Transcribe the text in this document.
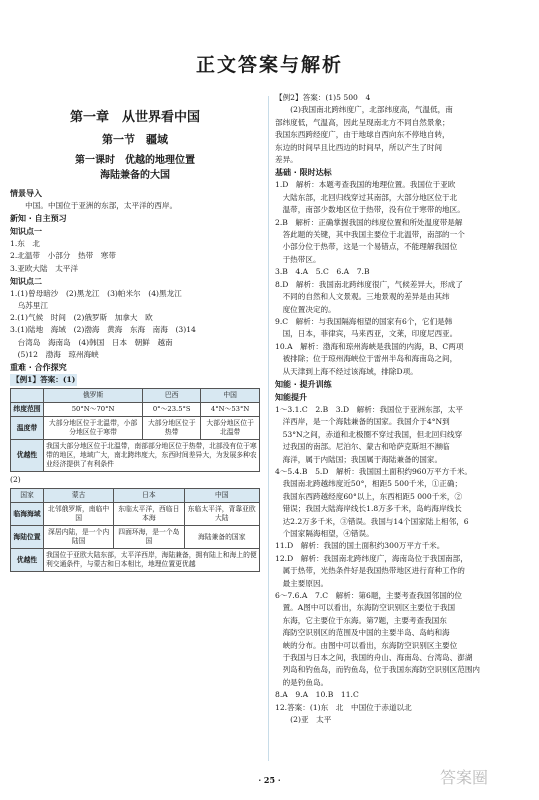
正文答案与解析
第一章　从世界看中国
第一节　疆域
第一课时　优越的地理位置
海陆兼备的大国
情景导入
　　中国。中国位于亚洲的东部，太平洋的西岸。
新知 · 自主预习
知识点一
1.东　北
2.北温带　小部分　热带　寒带
3.亚欧大陆　太平洋
知识点二
1.(1)曾母暗沙　(2)黑龙江　(3)帕米尔　(4)黑龙江
　乌苏里江
2.(1)气候　时间　(2)俄罗斯　加拿大　欧
3.(1)陆地　海域　(2)渤海　黄海　东海　南海　(3)14
　台湾岛　海南岛　(4)韩国　日本　朝鲜　越南
　(5)12　渤海　琼州海峡
重难 · 合作探究
【例1】答案：(1)
	俄罗斯	巴西	中国
纬度范围	50°N～70°N	0°～23.5°S	4°N～53°N
温度带	大部分地区位于北温带，小部分地区位于寒带	大部分地区位于热带	大部分地区位于北温带
优越性	我国大部分地区位于北温带，南部部分地区位于热带，北部没有位于寒带的地区，地域广大，南北跨纬度大，东西时间差异大，为发展多种农业经济提供了有利条件		
(2)
国家	蒙古	日本	中国
临海海域	北邻俄罗斯，南临中国	东临太平洋，西临日本海	东临太平洋，背靠亚欧大陆
海陆位置	深居内陆，是一个内陆国	四面环海，是一个岛国	海陆兼备的国家
优越性	我国位于亚欧大陆东部，太平洋西岸，海陆兼备，拥有陆上和海上的便利交通条件，与蒙古和日本相比，地理位置更优越		
【例2】答案：(1)5 500　4
　　(2)我国南北跨纬度广，北部纬度高，气温低，南
部纬度低，气温高，因此呈现南北方不同自然景象；
我国东西跨经度广，由于地球自西向东不停地自转，
东边的时间早且比西边的时间早，所以产生了时间
差异。
基础 · 限时达标
1.D　解析：本题考查我国的地理位置。我国位于亚欧
　大陆东部，北回归线穿过其南部，大部分地区位于北
　温带，南部少数地区位于热带，没有位于寒带的地区。
2.B　解析：正确掌握我国的纬度位置和所处温度带是解
　答此题的关键，其中我国主要位于北温带，南部的一个
　小部分位于热带，这是一个易错点，不能理解我国位
　于热带区。
3.B　4.A　5.C　6.A　7.B
8.D　解析：我国南北跨纬度很广，气候差异大，形成了
　不同的自然和人文景观。三地景观的差异是由其纬
　度位置决定的。
9.C　解析：与我国隔海相望的国家有6个，它们是韩
　国，日本，菲律宾，马来西亚，文莱，印度尼西亚。
10.A　解析：渤海和琼州海峡是我国的内海，B、C两项
　被排除；位于琼州海峡位于雷州半岛和海南岛之间，
　从天津到上海不经过该海域，排除D项。
知能 · 提升训练
知能提升
1～3.1.C　2.B　3.D　解析：我国位于亚洲东部，太平
　洋西岸，是一个海陆兼备的国家。我国介于4°N到
　53°N之间，赤道和北极圈不穿过我国，但北回归线穿
　过我国的南部。尼泊尔、蒙古和哈萨克斯坦不濒临
　海洋，属于内陆国；我国属于海陆兼备的国家。
4～5.4.B　5.D　解析：我国国土面积约960万平方千米。
　我国南北跨越纬度近50°，相距5 500千米，①正确；
　我国东西跨越经度60°以上，东西相距5 000千米，②
　错误；我国大陆海岸线长1.8万多千米，岛屿海岸线长
　达2.2万多千米，③错误。我国与14个国家陆上相邻，6
　个国家隔海相望，④错误。
11.D　解析：我国的国土面积约300万平方千米。
12.D　解析：我国南北跨纬度广，海南岛位于我国南部，
　属于热带，光热条件好是我国热带地区进行育种工作的
　最主要原因。
6～7.6.A　7.C　解析：第6题，主要考查我国邻国的位
　置。A图中可以看出，东海防空识别区主要位于我国
　东海，它主要位于东海。第7题，主要考查我国东
　海防空识别区的范围及中国的主要半岛、岛屿和海
　峡的分布。由图中可以看出，东海防空识别区主要位
　于我国与日本之间，我国的舟山、海南岛、台湾岛、澎湖
　列岛和钓鱼岛，而钓鱼岛，位于我国东海防空识别区范围内
　的是钓鱼岛。
8.A　9.A　10.B　11.C
12.答案：(1)东　北　中国位于赤道以北
　　(2)亚　太平
· 25 ·	答案圈
